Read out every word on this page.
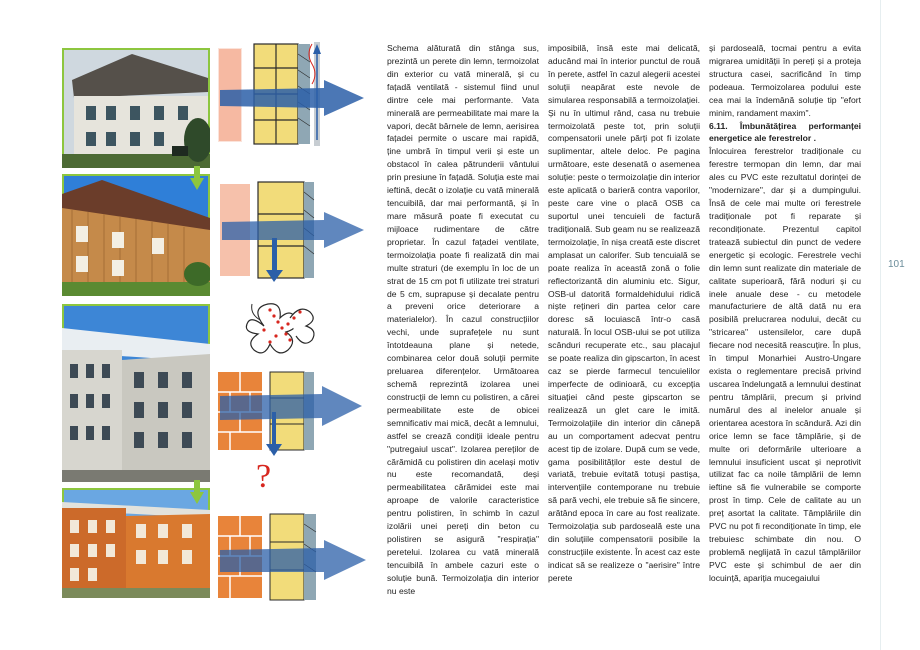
?

Schema alăturată din stânga sus, prezintă un perete din lemn, termoizolat din exterior cu vată minerală, și cu fațadă ventilată - sistemul fiind unul dintre cele mai performante. Vata minerală are permeabilitate mai mare la vapori, decât bârnele de lemn, aerisirea fațadei permite o uscare mai rapidă, ține umbră în timpul verii și este un obstacol în calea pătrunderii vântului prin presiune în fațadă. Soluția este mai ieftină, decât o izolație cu vată minerală tencuibilă, dar mai performantă, și în mare măsură poate fi executat cu mijloace rudimentare de către proprietar. În cazul fațadei ventilate, termoizolația poate fi realizată din mai multe straturi (de exemplu în loc de un strat de 15 cm pot fi utilizate trei straturi de 5 cm, suprapuse și decalate pentru a preveni orice deteriorare a materialelor). În cazul construcțiilor vechi, unde suprafețele nu sunt întotdeauna plane și netede, combinarea celor două soluții permite preluarea diferențelor. Următoarea schemă reprezintă izolarea unei construcții de lemn cu polistiren, a cărei permeabilitate este de obicei semnificativ mai mică, decât a lemnului, astfel se crează condiții ideale pentru "putregaiul uscat". Izolarea pereților de cărămidă cu polistiren din același motiv nu este recomandată, deși permeabilitatea cărămidei este mai aproape de valorile caracteristice pentru polistiren, în schimb în cazul izolării unei pereți din beton cu polistiren se asigură "respirația" peretelui. Izolarea cu vată minerală tencuibilă în ambele cazuri este o soluție bună. Termoizolația din interior nu este

imposibilă, însă este mai delicată, aducând mai în interior punctul de rouă în perete, astfel în cazul alegerii acestei soluții neapărat este nevole de simularea responsabilă a termoizolației. Și nu în ultimul rând, casa nu trebuie termoizolată peste tot, prin soluții compensatorii unele părți pot fi izolate suplimentar, altele deloc. Pe pagina următoare, este desenată o asemenea soluție: peste o termoizolație din interior este aplicată o barieră contra vaporilor, peste care vine o placă OSB ca suportul unei tencuieli de factură tradițională. Sub geam nu se realizează termoizolație, în nișa creată este discret amplasat un calorifer. Sub tencuială se poate realiza în această zonă o folie reflectorizantă din aluminiu etc. Sigur, OSB-ul datorită formaldehidului ridică niște rețineri din partea celor care doresc să locuiască într-o casă naturală. În locul OSB-ului se pot utiliza scânduri recuperate etc., sau placajul se poate realiza din gipscarton, în acest caz se pierde farmecul tencuielilor imperfecte de odinioară, cu excepția situației când peste gipscarton se realizează un glet care le imită. Termoizolațiile din interior din cânepă au un comportament adecvat pentru acest tip de izolare. După cum se vede, gama posibilităților este destul de variată, trebuie evitată totuși pastișa, intervențiile contemporane nu trebuie să pară vechi, ele trebuie să fie sincere, arătând epoca în care au fost realizate. Termoizolația sub pardoseală este una din soluțiile compensatorii posibile la construcțiile existente. În acest caz este indicat să se realizeze o "aerisire" între perete

și pardoseală, tocmai pentru a evita migrarea umidității în pereți și a proteja structura casei, sacrificând în timp podeaua. Termoizolarea podului este cea mai la îndemână soluție tip "efort minim, randament maxim".

6.11. Îmbunătățirea performanței energetice ale ferestrelor .

Înlocuirea ferestrelor tradiționale cu ferestre termopan din lemn, dar mai ales cu PVC este rezultatul dorinței de "modernizare", dar și a dumpingului. Însă de cele mai multe ori ferestrele tradiționale pot fi reparate și recondiționate. Prezentul capitol tratează subiectul din punct de vedere energetic și ecologic. Ferestrele vechi din lemn sunt realizate din materiale de calitate superioară, fără noduri și cu inele anuale dese - cu metodele manufacturiere de altă dată nu era posibilă prelucrarea nodului, decât cu "stricarea" ustensilelor, care după fiecare nod necesită reascuțire. În plus, în timpul Monarhiei Austro-Ungare exista o reglementare precisă privind uscarea îndelungată a lemnului destinat pentru tâmplării, precum și privind numărul des al inelelor anuale și orientarea acestora în scândură. Azi din orice lemn se face tâmplărie, și de multe ori deformările ulterioare a lemnului insuficient uscat și neprotivit utilizat fac ca noile tâmplării de lemn ieftine să fie vulnerabile se comporte prost în timp. Cele de calitate au un preț asortat la calitate. Tâmplăriile din PVC nu pot fi recondiționate în timp, ele trebuiesc schimbate din nou. O problemă neglijată în cazul tâmplăriilor PVC este și schimbul de aer din locuință, apariția mucegaiului

101
